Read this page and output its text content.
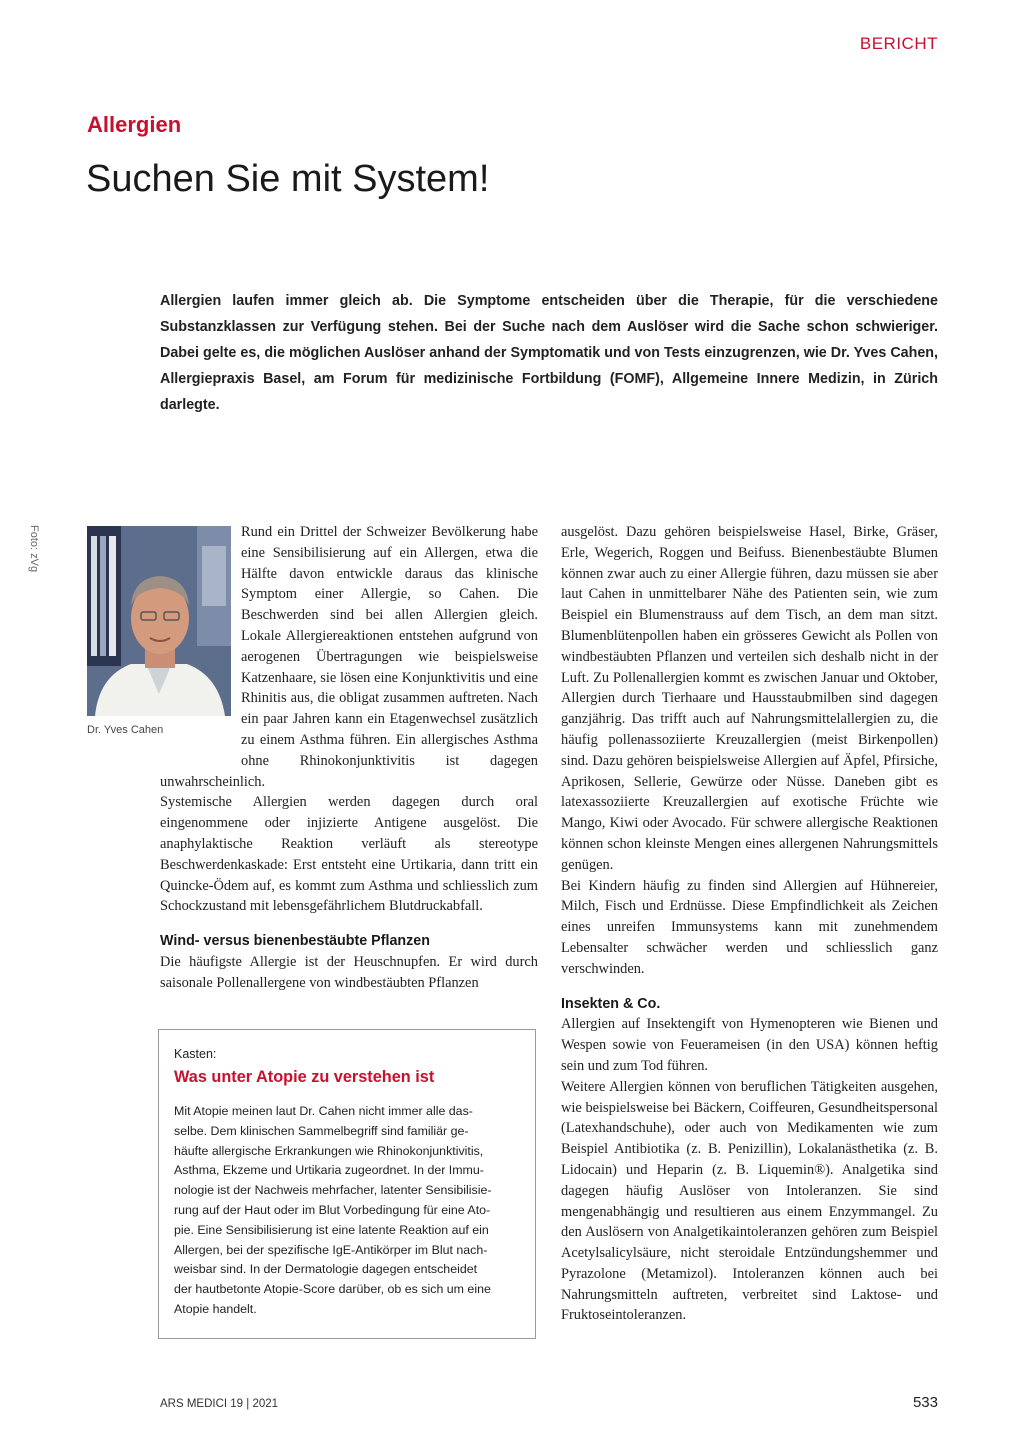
BERICHT
Allergien
Suchen Sie mit System!
Allergien laufen immer gleich ab. Die Symptome entscheiden über die Therapie, für die verschiedene Substanzklassen zur Verfügung stehen. Bei der Suche nach dem Auslöser wird die Sache schon schwieriger. Dabei gelte es, die möglichen Auslöser anhand der Symptomatik und von Tests einzugrenzen, wie Dr. Yves Cahen, Allergiepraxis Basel, am Forum für medizinische Fortbildung (FOMF), Allgemeine Innere Medizin, in Zürich darlegte.
Foto: zVg
Dr. Yves Cahen

Rund ein Drittel der Schweizer Bevölkerung habe eine Sensibilisierung auf ein Allergen, etwa die Hälfte davon entwickle daraus das klinische Symptom einer Allergie, so Cahen. Die Beschwerden sind bei allen Allergien gleich. Lokale Allergiereaktionen entstehen aufgrund von aerogenen Übertragungen wie beispielsweise Katzenhaare, sie lösen eine Konjunktivitis und eine Rhinitis aus, die obligat zusammen auftreten. Nach ein paar Jahren kann ein Etagenwechsel zusätzlich zu einem Asthma führen. Ein allergisches Asthma ohne Rhinokonjunktivitis ist dagegen unwahrscheinlich.

Systemische Allergien werden dagegen durch oral eingenommene oder injizierte Antigene ausgelöst. Die anaphylaktische Reaktion verläuft als stereotype Beschwerdenkaskade: Erst entsteht eine Urtikaria, dann tritt ein Quincke-Ödem auf, es kommt zum Asthma und schliesslich zum Schockzustand mit lebensgefährlichem Blutdruckabfall.

Wind- versus bienenbestäubte Pflanzen

Die häufigste Allergie ist der Heuschnupfen. Er wird durch saisonale Pollenallergene von windbestäubten Pflanzen

ausgelöst. Dazu gehören beispielsweise Hasel, Birke, Gräser, Erle, Wegerich, Roggen und Beifuss. Bienenbestäubte Blumen können zwar auch zu einer Allergie führen, dazu müssen sie aber laut Cahen in unmittelbarer Nähe des Patienten sein, wie zum Beispiel ein Blumenstrauss auf dem Tisch, an dem man sitzt. Blumenblütenpollen haben ein grösseres Gewicht als Pollen von windbestäubten Pflanzen und verteilen sich deshalb nicht in der Luft. Zu Pollenallergien kommt es zwischen Januar und Oktober, Allergien durch Tierhaare und Hausstaubmilben sind dagegen ganzjährig. Das trifft auch auf Nahrungsmittelallergien zu, die häufig pollenassoziierte Kreuzallergien (meist Birkenpollen) sind. Dazu gehören beispielsweise Allergien auf Äpfel, Pfirsiche, Aprikosen, Sellerie, Gewürze oder Nüsse. Daneben gibt es latexassoziierte Kreuzallergien auf exotische Früchte wie Mango, Kiwi oder Avocado. Für schwere allergische Reaktionen können schon kleinste Mengen eines allergenen Nahrungsmittels genügen.

Bei Kindern häufig zu finden sind Allergien auf Hühnereier, Milch, Fisch und Erdnüsse. Diese Empfindlichkeit als Zeichen eines unreifen Immunsystems kann mit zunehmendem Lebensalter schwächer werden und schliesslich ganz verschwinden.

Insekten & Co.

Allergien auf Insektengift von Hymenopteren wie Bienen und Wespen sowie von Feuerameisen (in den USA) können heftig sein und zum Tod führen.

Weitere Allergien können von beruflichen Tätigkeiten ausgehen, wie beispielsweise bei Bäckern, Coiffeuren, Gesundheitspersonal (Latexhandschuhe), oder auch von Medikamenten wie zum Beispiel Antibiotika (z. B. Penizillin), Lokalanästhetika (z. B. Lidocain) und Heparin (z. B. Liquemin®). Analgetika sind dagegen häufig Auslöser von Intoleranzen. Sie sind mengenabhängig und resultieren aus einem Enzymmangel. Zu den Auslösern von Analgetikaintoleranzen gehören zum Beispiel Acetylsalicylsäure, nicht steroidale Entzündungshemmer und Pyrazolone (Metamizol). Intoleranzen können auch bei Nahrungsmitteln auftreten, verbreitet sind Laktose- und Fruktoseintoleranzen.

Kasten:
Was unter Atopie zu verstehen ist
Mit Atopie meinen laut Dr. Cahen nicht immer alle das-
selbe. Dem klinischen Sammelbegriff sind familiär ge-
häufte allergische Erkrankungen wie Rhinokonjunktivitis,
Asthma, Ekzeme und Urtikaria zugeordnet. In der Immu-
nologie ist der Nachweis mehrfacher, latenter Sensibilisie-
rung auf der Haut oder im Blut Vorbedingung für eine Ato-
pie. Eine Sensibilisierung ist eine latente Reaktion auf ein
Allergen, bei der spezifische IgE-Antikörper im Blut nach-
weisbar sind. In der Dermatologie dagegen entscheidet
der hautbetonte Atopie-Score darüber, ob es sich um eine
Atopie handelt.
ARS MEDICI 19 | 2021	533
